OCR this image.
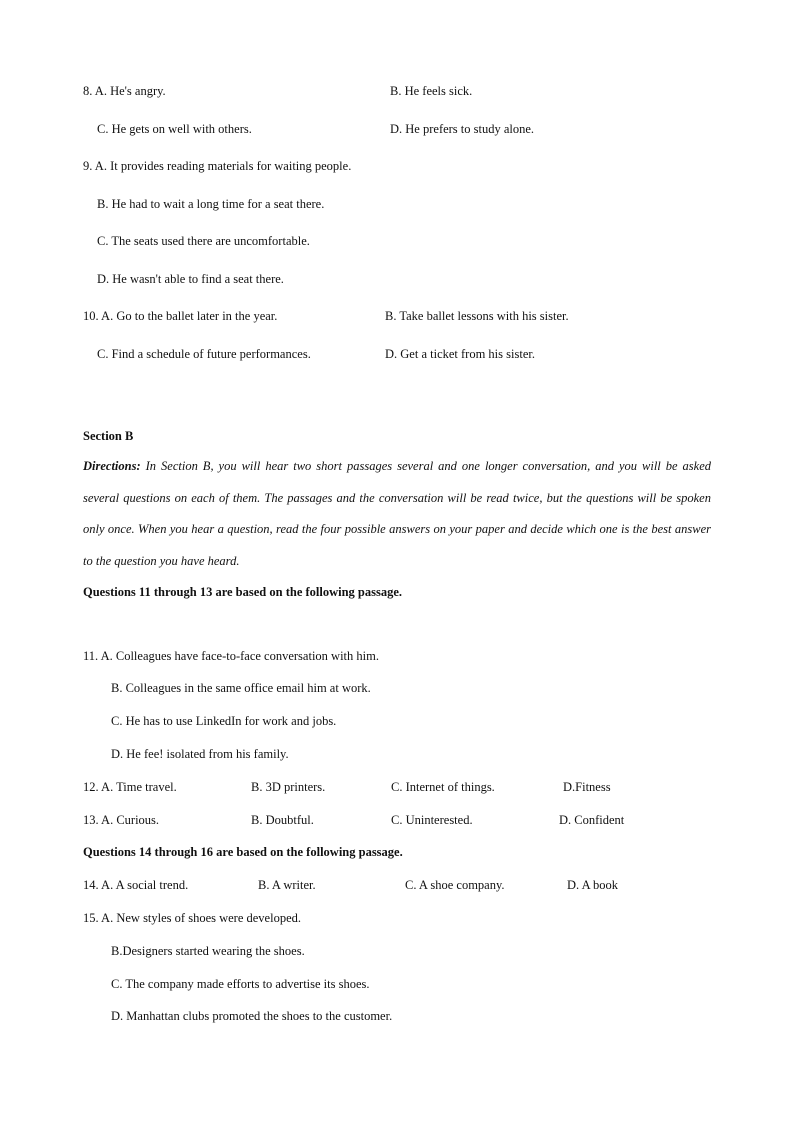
8. A. He's angry.	B. He feels sick.
C. He gets on well with others.	D. He prefers to study alone.
9. A. It provides reading materials for waiting people.
B. He had to wait a long time for a seat there.
C. The seats used there are uncomfortable.
D. He wasn't able to find a seat there.
10. A. Go to the ballet later in the year.	B. Take ballet lessons with his sister.
C. Find a schedule of future performances.	D. Get a ticket from his sister.
Section B
Directions: In Section B, you will hear two short passages several and one longer conversation, and you will be asked several questions on each of them. The passages and the conversation will be read twice, but the questions will be spoken only once. When you hear a question, read the four possible answers on your paper and decide which one is the best answer to the question you have heard.
Questions 11 through 13 are based on the following passage.
11. A. Colleagues have face-to-face conversation with him.
B. Colleagues in the same office email him at work.
C. He has to use LinkedIn for work and jobs.
D. He fee! isolated from his family.
12. A. Time travel.	B. 3D printers.	C. Internet of things.	D.Fitness
13. A. Curious.	B. Doubtful.	C. Uninterested.	D. Confident
Questions 14 through 16 are based on the following passage.
14. A. A social trend.	B. A writer.	C. A shoe company.	D. A book
15. A. New styles of shoes were developed.
B.Designers started wearing the shoes.
C. The company made efforts to advertise its shoes.
D. Manhattan clubs promoted the shoes to the customer.
